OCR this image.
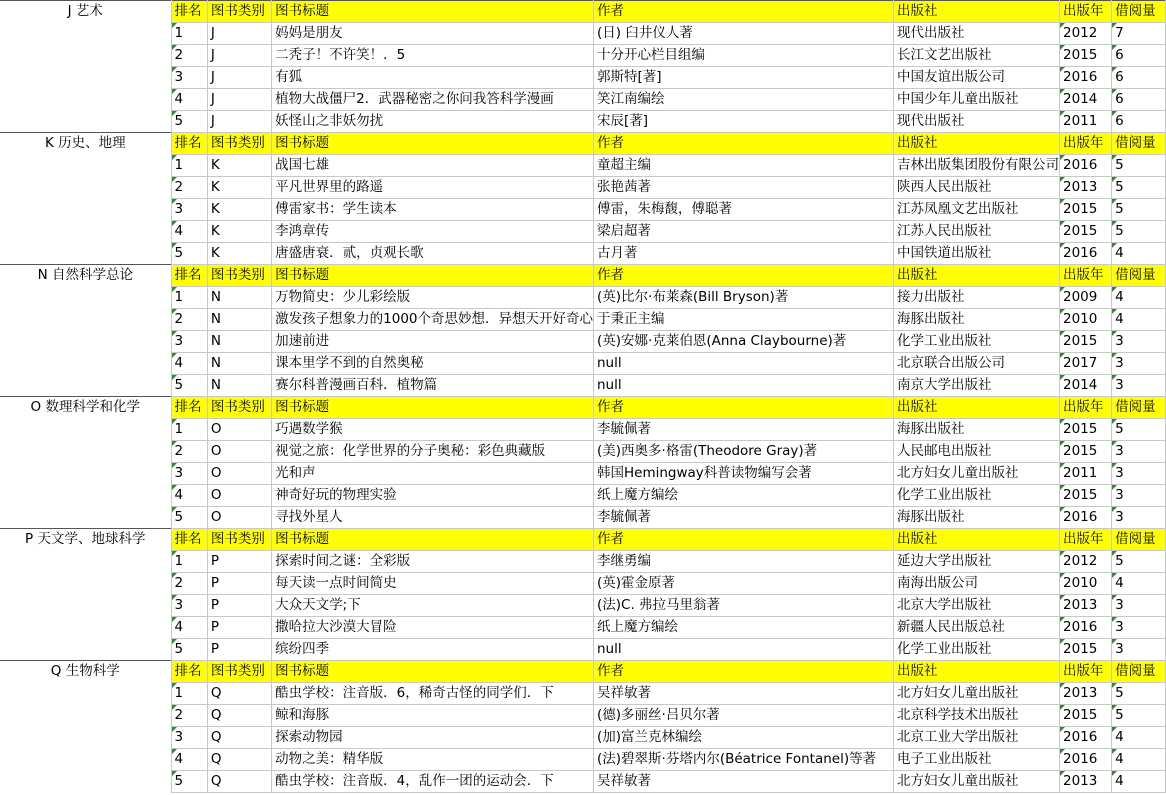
J 艺术	排名	图书类别	图书标题	作者	出版社	出版年	借阅量
	1	J	妈妈是朋友	(日) 臼井仪人著	现代出版社	2012	7
	2	J	二秃子！不许笑！．5	十分开心栏目组编	长江文艺出版社	2015	6
	3	J	有狐	郭斯特[著]	中国友谊出版公司	2016	6
	4	J	植物大战僵尸2．武器秘密之你问我答科学漫画	笑江南编绘	中国少年儿童出版社	2014	6
	5	J	妖怪山之非妖勿扰	宋辰[著]	现代出版社	2011	6
K 历史、地理	排名	图书类别	图书标题	作者	出版社	出版年	借阅量
	1	K	战国七雄	童超主编	吉林出版集团股份有限公司	2016	5
	2	K	平凡世界里的路遥	张艳茜著	陕西人民出版社	2013	5
	3	K	傅雷家书：学生读本	傅雷，朱梅馥，傅聪著	江苏凤凰文艺出版社	2015	5
	4	K	李鸿章传	梁启超著	江苏人民出版社	2015	5
	5	K	唐盛唐衰．贰，贞观长歌	古月著	中国铁道出版社	2016	4
N 自然科学总论	排名	图书类别	图书标题	作者	出版社	出版年	借阅量
	1	N	万物简史：少儿彩绘版	(英)比尔·布莱森(Bill Bryson)著	接力出版社	2009	4
	2	N	激发孩子想象力的1000个奇思妙想．异想天开好奇心	于秉正主编	海豚出版社	2010	4
	3	N	加速前进	(英)安娜·克莱伯恩(Anna Claybourne)著	化学工业出版社	2015	3
	4	N	课本里学不到的自然奥秘	null	北京联合出版公司	2017	3
	5	N	赛尔科普漫画百科．植物篇	null	南京大学出版社	2014	3
O 数理科学和化学	排名	图书类别	图书标题	作者	出版社	出版年	借阅量
	1	O	巧遇数学猴	李毓佩著	海豚出版社	2015	5
	2	O	视觉之旅：化学世界的分子奥秘：彩色典藏版	(美)西奥多·格雷(Theodore Gray)著	人民邮电出版社	2015	3
	3	O	光和声	韩国Hemingway科普读物编写会著	北方妇女儿童出版社	2011	3
	4	O	神奇好玩的物理实验	纸上魔方编绘	化学工业出版社	2015	3
	5	O	寻找外星人	李毓佩著	海豚出版社	2016	3
P 天文学、地球科学	排名	图书类别	图书标题	作者	出版社	出版年	借阅量
	1	P	探索时间之谜：全彩版	李继勇编	延边大学出版社	2012	5
	2	P	每天读一点时间简史	(英)霍金原著	南海出版公司	2010	4
	3	P	大众天文学;下	(法)C. 弗拉马里翁著	北京大学出版社	2013	3
	4	P	撒哈拉大沙漠大冒险	纸上魔方编绘	新疆人民出版总社	2016	3
	5	P	缤纷四季	null	化学工业出版社	2015	3
Q 生物科学	排名	图书类别	图书标题	作者	出版社	出版年	借阅量
	1	Q	酷虫学校：注音版．6，稀奇古怪的同学们．下	吴祥敏著	北方妇女儿童出版社	2013	5
	2	Q	鲸和海豚	(德)多丽丝·吕贝尔著	北京科学技术出版社	2015	5
	3	Q	探索动物园	(加)富兰克林编绘	北京工业大学出版社	2016	4
	4	Q	动物之美：精华版	(法)碧翠斯·芬塔内尔(Béatrice Fontanel)等著	电子工业出版社	2016	4
	5	Q	酷虫学校：注音版．4，乱作一团的运动会．下	吴祥敏著	北方妇女儿童出版社	2013	4
